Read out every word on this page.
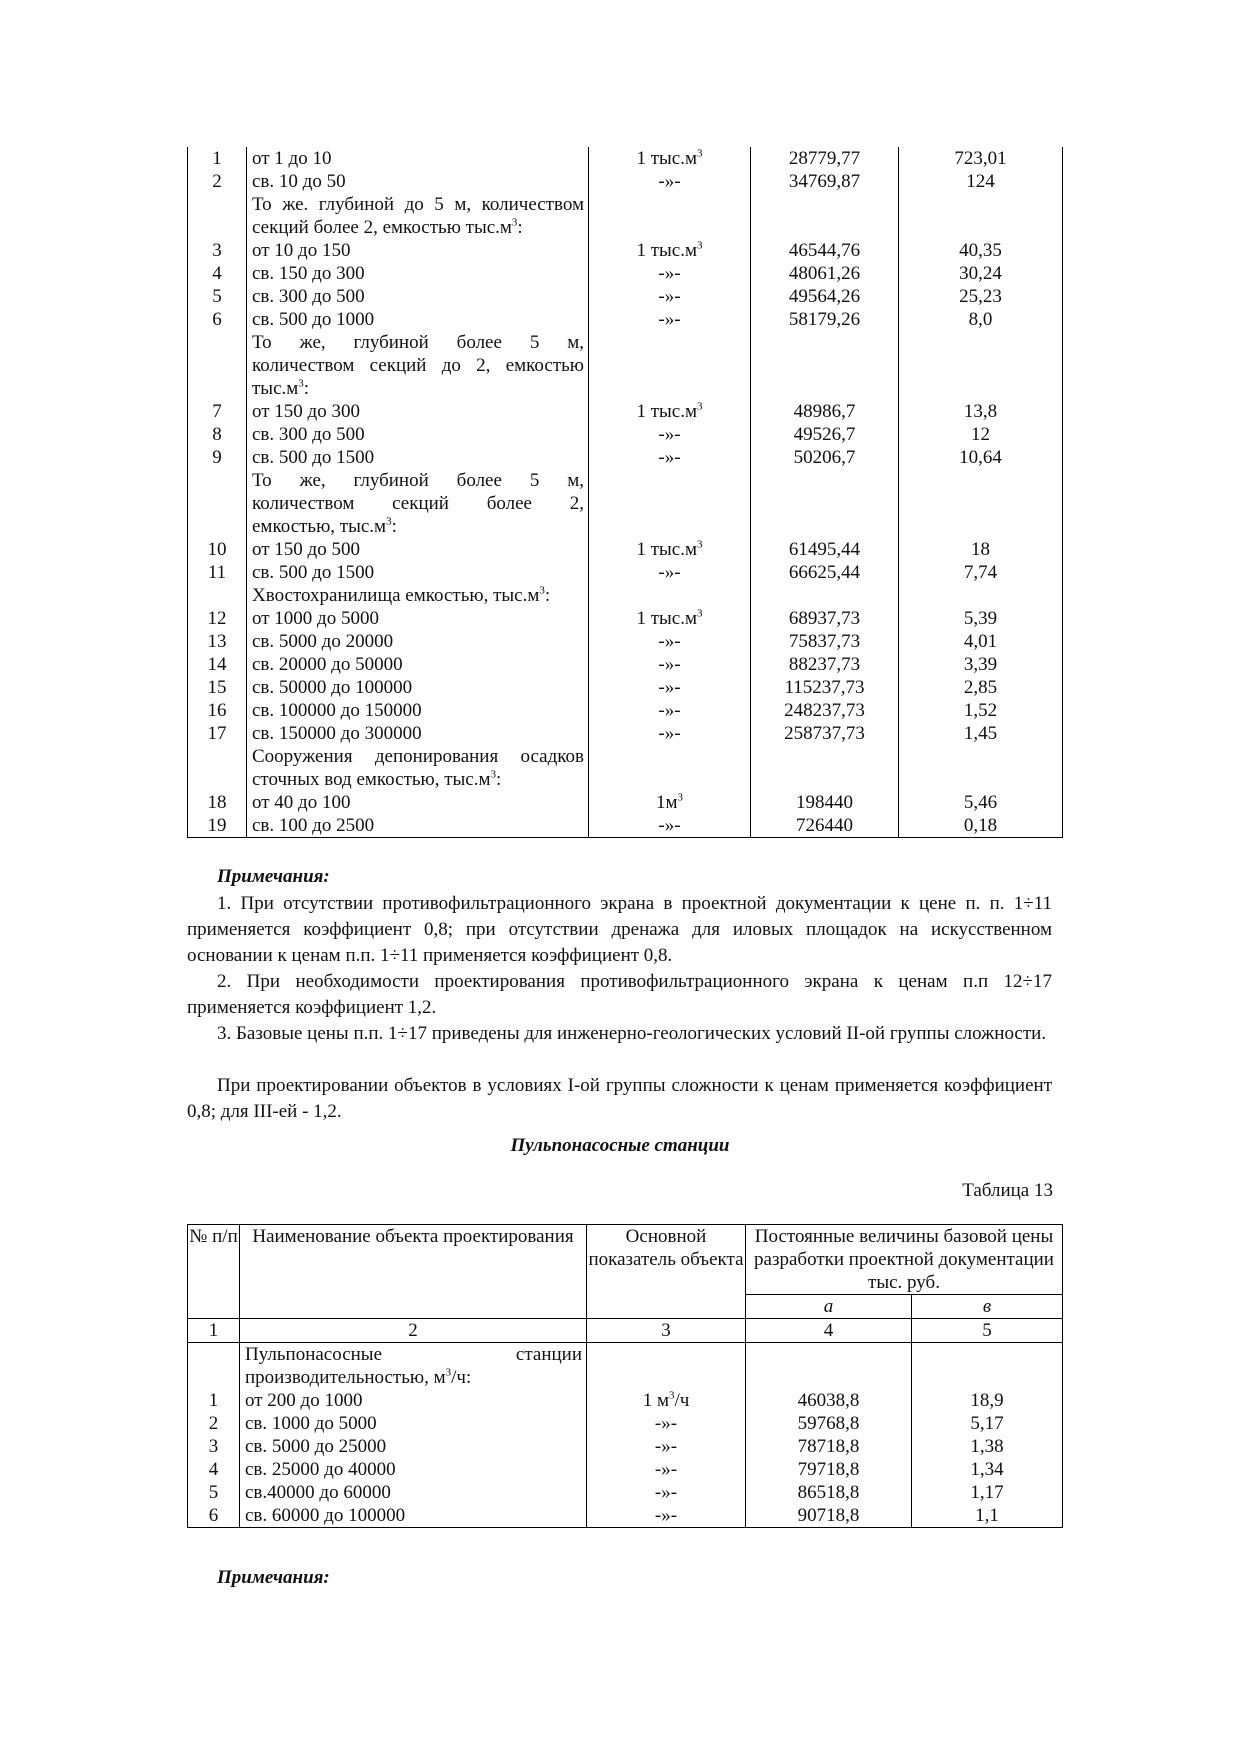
1	от 1 до 10	1 $тыс.м^3$	28779,77	723,01
2	св. 10 до 50	-»-	34769,87	124
	То же. глубиной до 5 м, количеством			
	секций более 2, емкостью $тыс.м^3$:			
3	от 10 до 150	1 $тыс.м^3$	46544,76	40,35
4	св. 150 до 300	-»-	48061,26	30,24
5	св. 300 до 500	-»-	49564,26	25,23
6	св. 500 до 1000	-»-	58179,26	8,0
	То же, глубиной более 5 м,			
	количеством секций до 2, емкостью			
	$тыс.м^3$:			
7	от 150 до 300	1 $тыс.м^3$	48986,7	13,8
8	св. 300 до 500	-»-	49526,7	12
9	св. 500 до 1500	-»-	50206,7	10,64
	То же, глубиной более 5 м,			
	количеством секций более 2,			
	емкостью, $тыс.м^3$:			
10	от 150 до 500	1 $тыс.м^3$	61495,44	18
11	св. 500 до 1500	-»-	66625,44	7,74
	Хвостохранилища емкостью, $тыс.м^3$:			
12	от 1000 до 5000	1 $тыс.м^3$	68937,73	5,39
13	св. 5000 до 20000	-»-	75837,73	4,01
14	св. 20000 до 50000	-»-	88237,73	3,39
15	св. 50000 до 100000	-»-	115237,73	2,85
16	св. 100000 до 150000	-»-	248237,73	1,52
17	св. 150000 до 300000	-»-	258737,73	1,45
	Сооружения депонирования осадков			
	сточных вод емкостью, $тыс.м^3$:			
18	от 40 до 100	$1м^3$	198440	5,46
19	св. 100 до 2500	-»-	726440	0,18
Примечания:
1. При отсутствии противофильтрационного экрана в проектной документации к цене п. п. 1÷11 применяется коэффициент 0,8; при отсутствии дренажа для иловых площадок на искусственном основании к ценам п.п. 1÷11 применяется коэффициент 0,8.
2. При необходимости проектирования противофильтрационного экрана к ценам п.п 12÷17 применяется коэффициент 1,2.
3. Базовые цены п.п. 1÷17 приведены для инженерно-геологических условий II-ой группы сложности.
При проектировании объектов в условиях I-ой группы сложности к ценам применяется коэффициент 0,8; для III-ей - 1,2.
Пульпонасосные станции
Таблица 13
№ п/п	Наименование объекта проектирования	Основной показатель объекта	Постоянные величины базовой цены разработки проектной документации тыс. руб.	
			а	в
1	2	3	4	5
	Пульпонасосные станции			
	производительностью, $м^3/ч$:			
1	от 200 до 1000	1 $м^3/ч$	46038,8	18,9
2	св. 1000 до 5000	-»-	59768,8	5,17
3	св. 5000 до 25000	-»-	78718,8	1,38
4	св. 25000 до 40000	-»-	79718,8	1,34
5	св.40000 до 60000	-»-	86518,8	1,17
6	св. 60000 до 100000	-»-	90718,8	1,1
Примечания:
